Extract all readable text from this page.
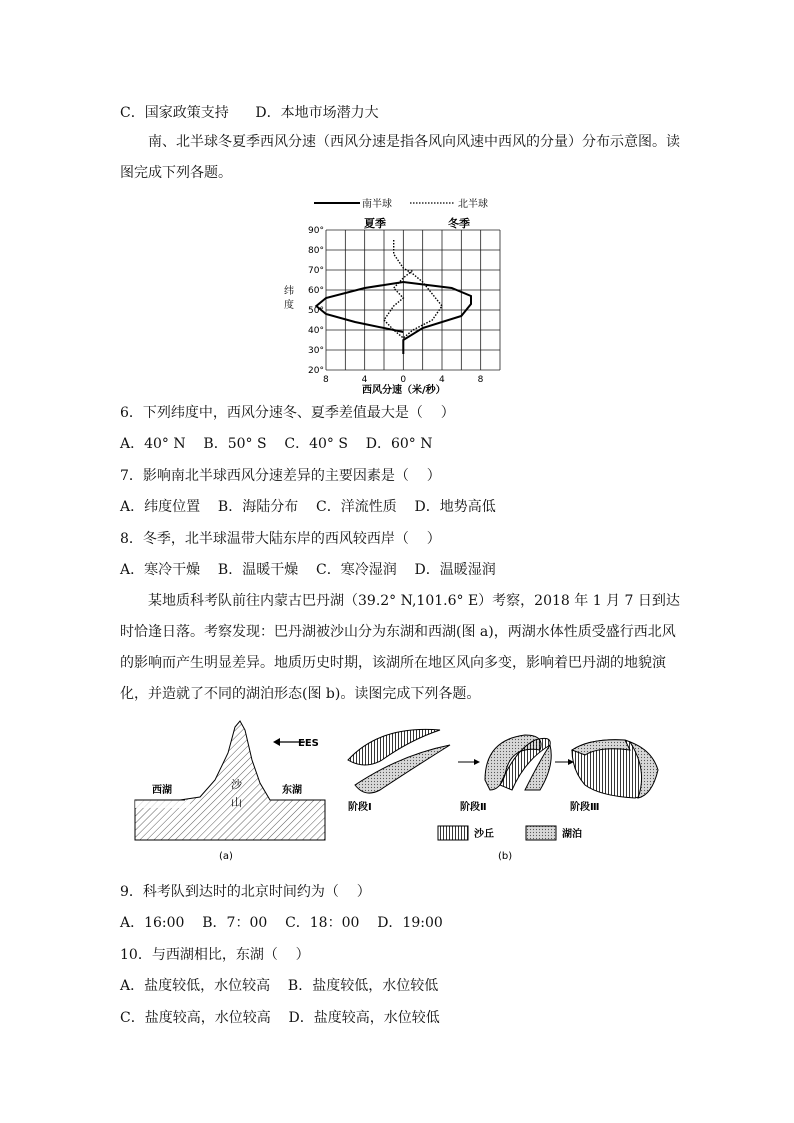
C．国家政策支持      D．本地市场潜力大
南、北半球冬夏季西风分速（西风分速是指各风向风速中西风的分量）分布示意图。读图完成下列各题。
南半球	北半球
夏季	冬季
90°
80°
70°
60°
50°
40°
30°
20°
8	4	0	4	8
纬
度
西风分速（米/秒）
6．下列纬度中，西风分速冬、夏季差值最大是（    ）
A．40° N    B．50° S    C．40° S    D．60° N
7．影响南北半球西风分速差异的主要因素是（    ）
A．纬度位置    B．海陆分布    C．洋流性质    D．地势高低
8．冬季，北半球温带大陆东岸的西风较西岸（    ）
A．寒冷干燥    B．温暖干燥    C．寒冷湿润    D．温暖湿润
某地质科考队前往内蒙古巴丹湖（39.2° N,101.6° E）考察，2018 年 1 月 7 日到达时恰逢日落。考察发现：巴丹湖被沙山分为东湖和西湖(图 a)，两湖水体性质受盛行西北风的影响而产生明显差异。地质历史时期，该湖所在地区风向多变，影响着巴丹湖的地貌演化，并造就了不同的湖泊形态(图 b)。读图完成下列各题。
EES
西湖	东湖
沙
山
(a)
阶段Ⅰ	阶段Ⅱ	阶段Ⅲ
沙丘	湖泊
(b)
9．科考队到达时的北京时间约为（    ）
A．16:00    B．7：00    C．18：00    D．19:00
10．与西湖相比，东湖（    ）
A．盐度较低，水位较高    B．盐度较低，水位较低
C．盐度较高，水位较高    D．盐度较高，水位较低
